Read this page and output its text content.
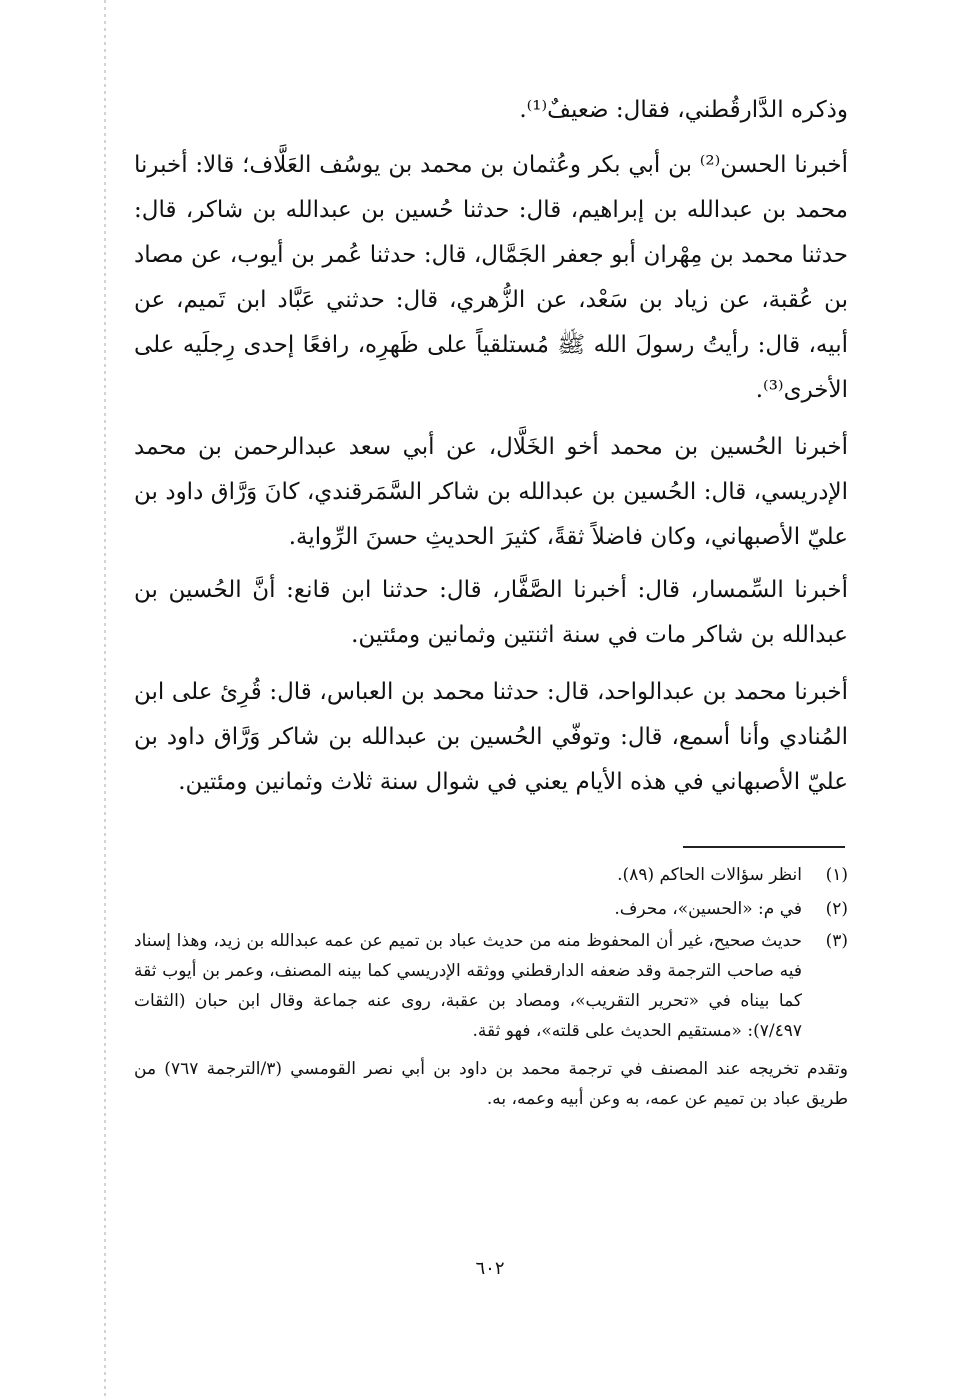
وذكره الدَّارقُطني، فقال: ضعيفٌ⁽¹⁾.

أخبرنا الحسن⁽²⁾ بن أبي بكر وعُثمان بن محمد بن يوسُف العَلَّاف؛ قالا: أخبرنا محمد بن عبدالله بن إبراهيم، قال: حدثنا حُسين بن عبدالله بن شاكر، قال: حدثنا محمد بن مِهْران أبو جعفر الجَمَّال، قال: حدثنا عُمر بن أيوب، عن مصاد بن عُقبة، عن زياد بن سَعْد، عن الزُّهري، قال: حدثني عَبَّاد ابن تَميم، عن أبيه، قال: رأيتُ رسولَ الله ﷺ مُستلقياً على ظَهرِه، رافعًا إحدى رِجلَيه على الأخرى⁽³⁾.

أخبرنا الحُسين بن محمد أخو الخَلَّال، عن أبي سعد عبدالرحمن بن محمد الإدريسي، قال: الحُسين بن عبدالله بن شاكر السَّمَرقندي، كانَ وَرَّاق داود بن عليّ الأصبهاني، وكان فاضلاً ثقةً، كثيرَ الحديثِ حسنَ الرِّواية.

أخبرنا السِّمسار، قال: أخبرنا الصَّفَّار، قال: حدثنا ابن قانع: أنَّ الحُسين بن عبدالله بن شاكر مات في سنة اثنتين وثمانين ومئتين.

أخبرنا محمد بن عبدالواحد، قال: حدثنا محمد بن العباس، قال: قُرِئ على ابن المُنادي وأنا أسمع، قال: وتوفّي الحُسين بن عبدالله بن شاكر وَرَّاق داود بن عليّ الأصبهاني في هذه الأيام يعني في شوال سنة ثلاث وثمانين ومئتين.

(١)
انظر سؤالات الحاكم (٨٩).

(٢)
في م: «الحسين»، محرف.

(٣)
حديث صحيح، غير أن المحفوظ منه من حديث عباد بن تميم عن عمه عبدالله بن زيد، وهذا إسناد فيه صاحب الترجمة وقد ضعفه الدارقطني ووثقه الإدريسي كما بينه المصنف، وعمر بن أيوب ثقة كما بيناه في «تحرير التقريب»، ومصاد بن عقبة، روى عنه جماعة وقال ابن حبان (الثقات ٧/٤٩٧): «مستقيم الحديث على قلته»، فهو ثقة.

وتقدم تخريجه عند المصنف في ترجمة محمد بن داود بن أبي نصر القومسي (٣/الترجمة ٧٦٧) من طريق عباد بن تميم عن عمه، به وعن أبيه وعمه، به.

٦٠٢
